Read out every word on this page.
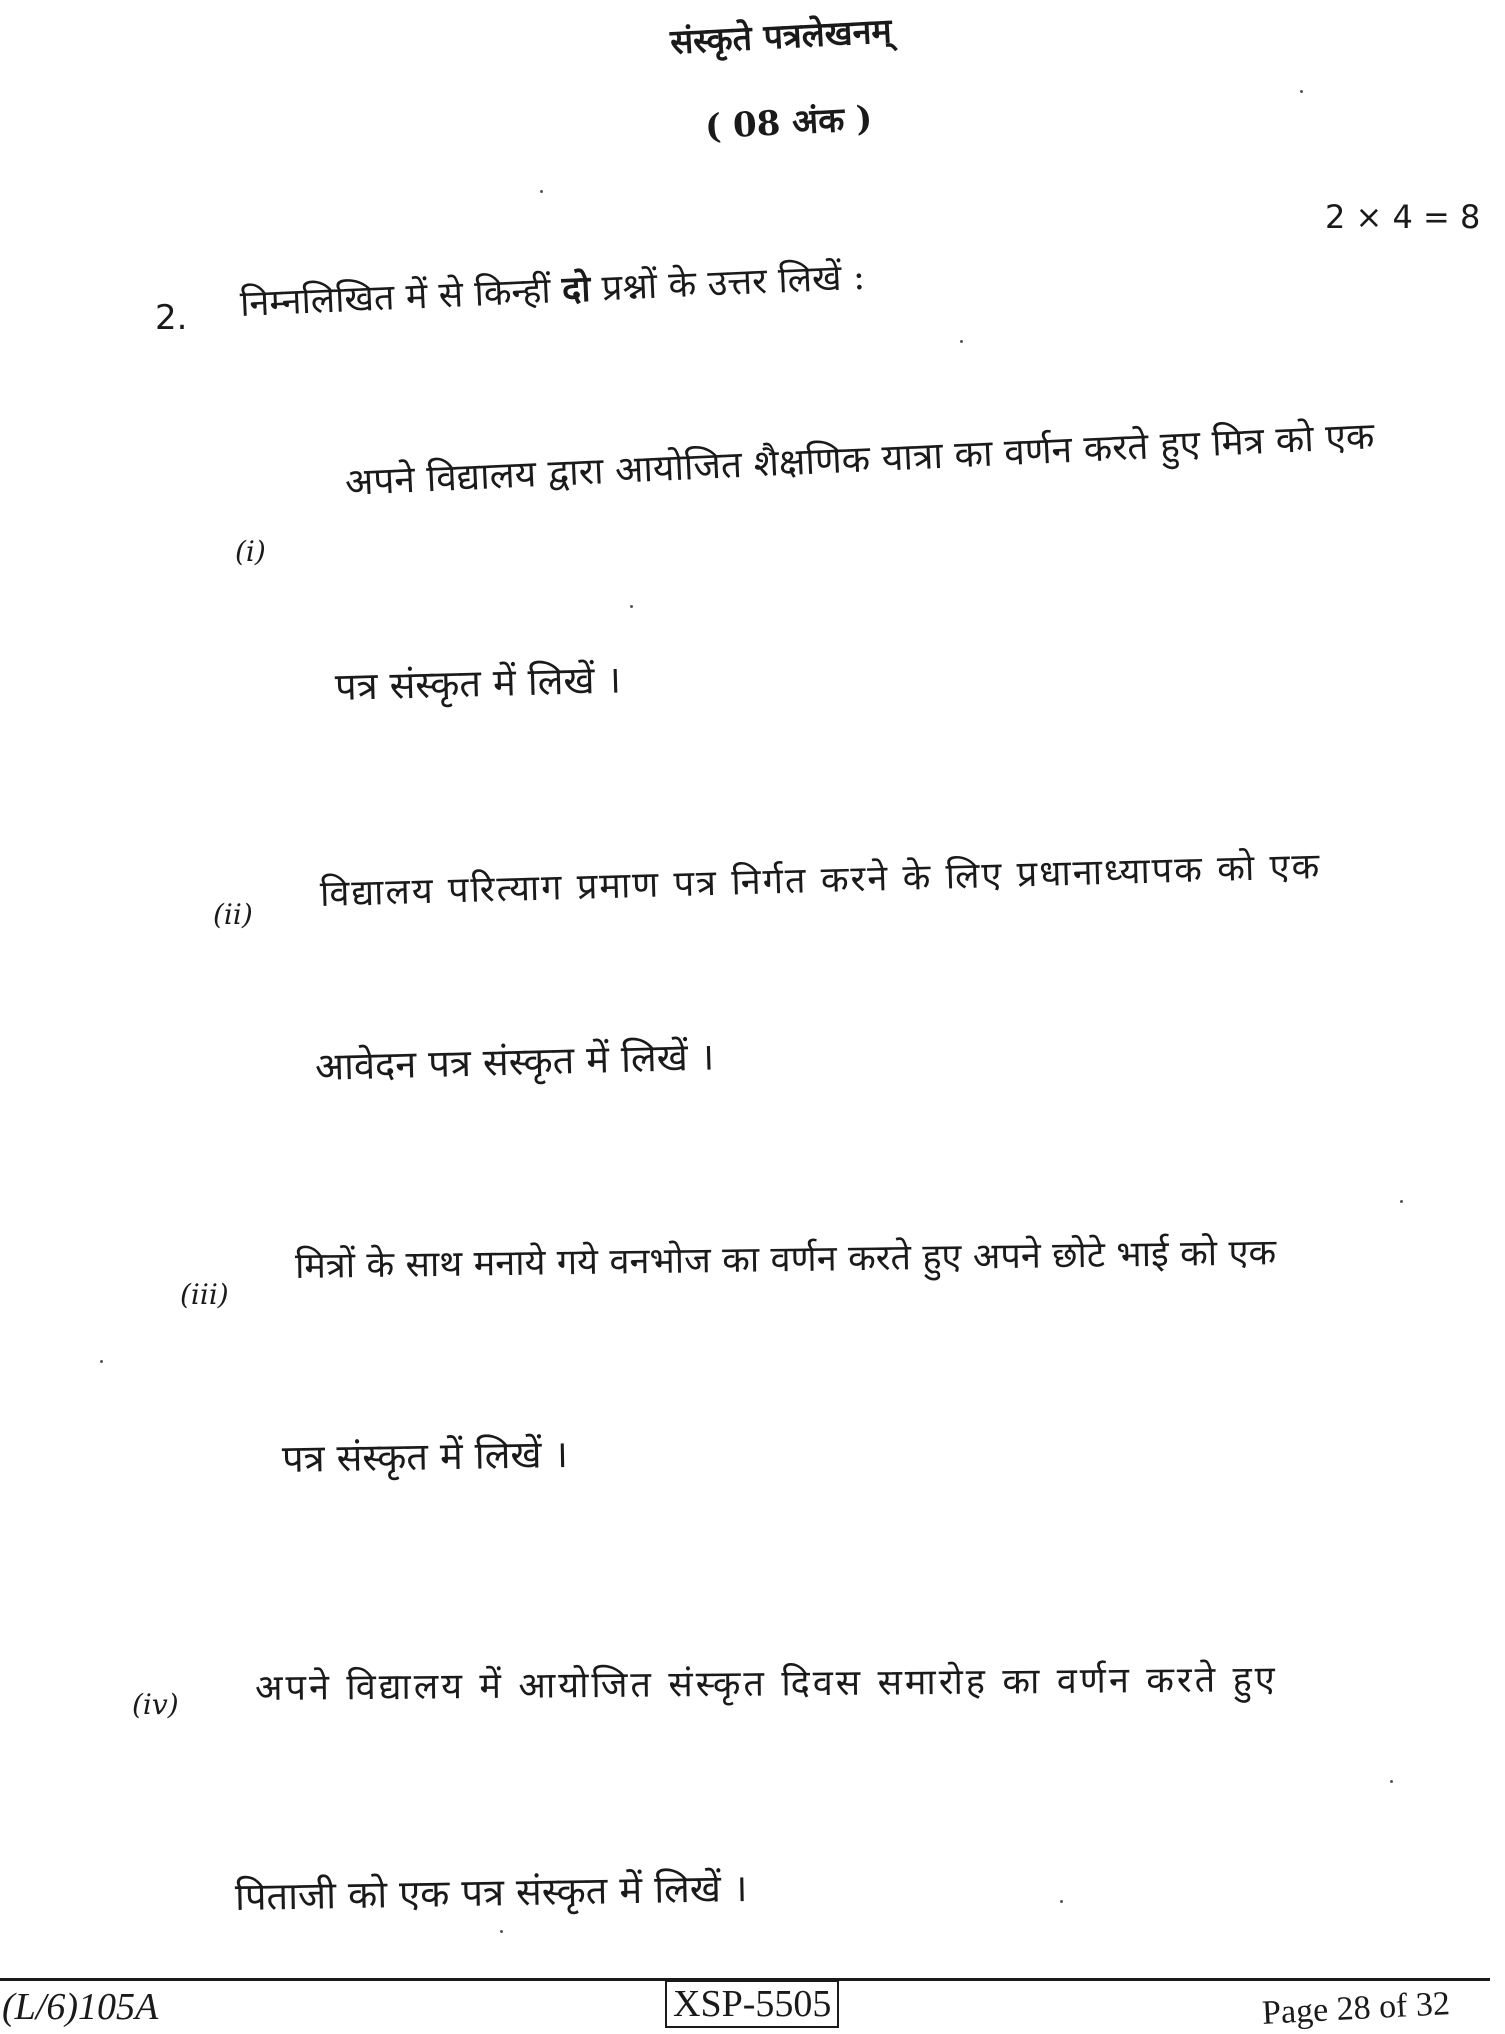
संस्कृते पत्रलेखनम्
( 08 अंक )
2 × 4 = 8
2. निम्नलिखित में से किन्हीं दो प्रश्नों के उत्तर लिखें :
(i)
अपने विद्यालय द्वारा आयोजित शैक्षणिक यात्रा का वर्णन करते हुए मित्र को एक
पत्र संस्कृत में लिखें ।
(ii) विद्यालय परित्याग प्रमाण पत्र निर्गत करने के लिए प्रधानाध्यापक को एक
आवेदन पत्र संस्कृत में लिखें ।
(iii)
मित्रों के साथ मनाये गये वनभोज का वर्णन करते हुए अपने छोटे भाई को एक
पत्र संस्कृत में लिखें ।
(iv) अपने विद्यालय में आयोजित संस्कृत दिवस समारोह का वर्णन करते हुए
पिताजी को एक पत्र संस्कृत में लिखें ।
(L/6)105A	XSP-5505	Page 28 of 32
